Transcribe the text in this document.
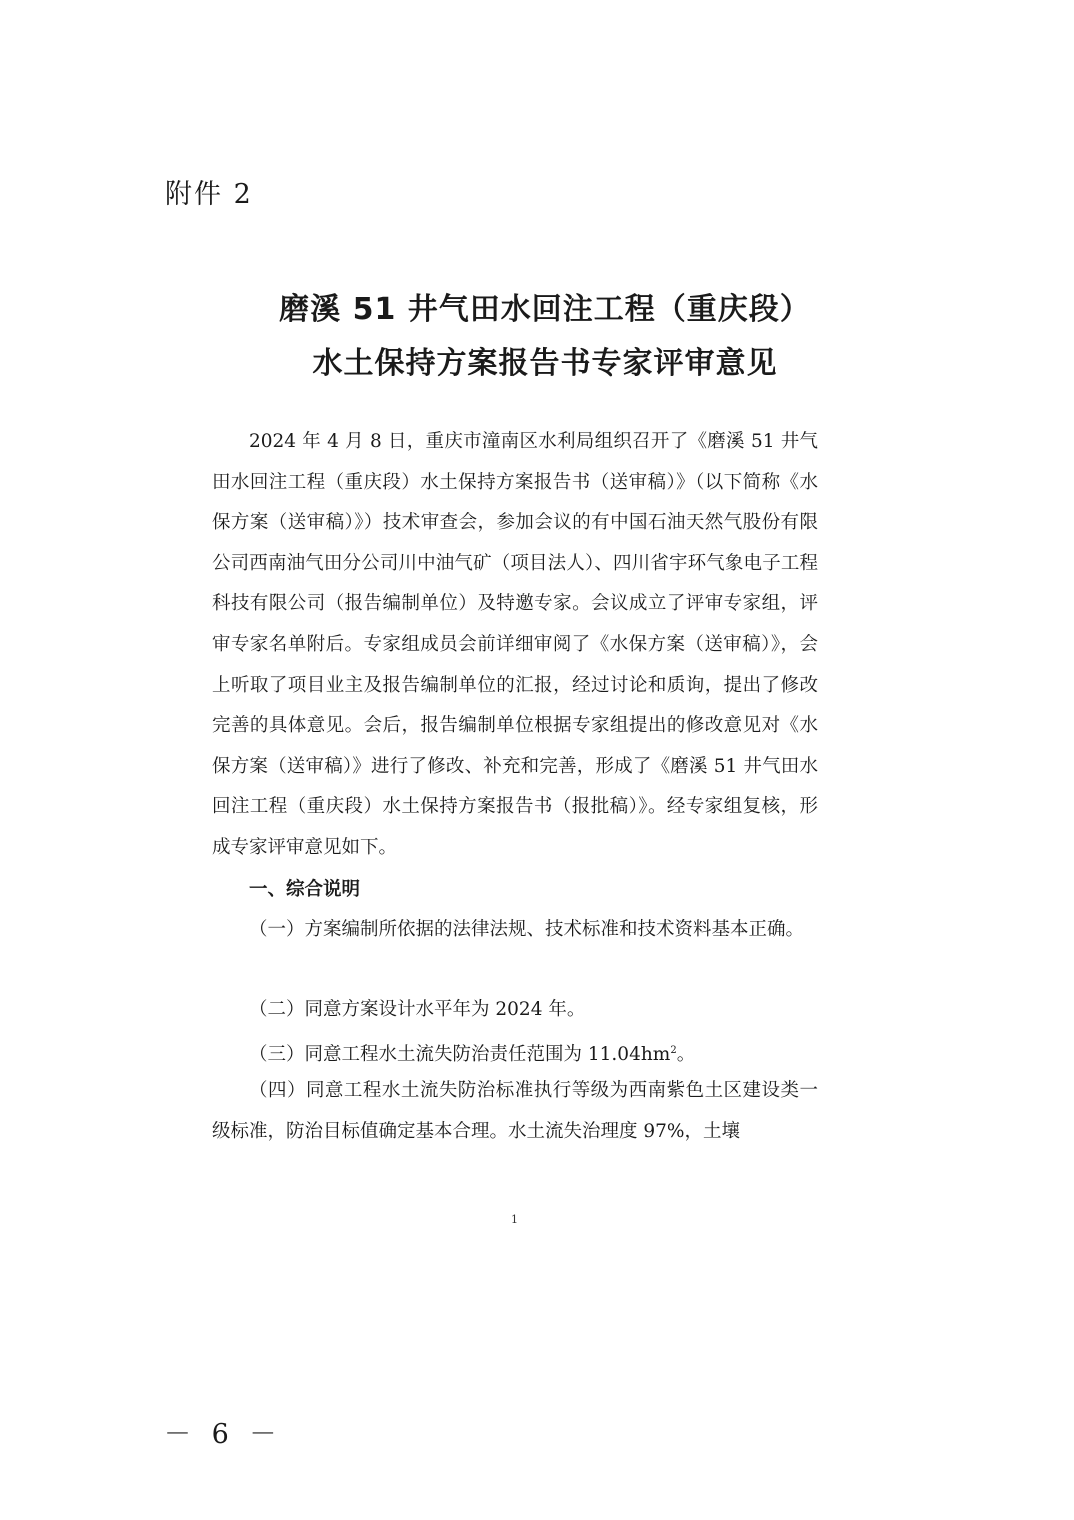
附件 2
磨溪 51 井气田水回注工程（重庆段）
水土保持方案报告书专家评审意见

2024 年 4 月 8 日，重庆市潼南区水利局组织召开了《磨溪 51 井气田水回注工程（重庆段）水土保持方案报告书（送审稿）》（以下简称《水保方案（送审稿）》）技术审查会，参加会议的有中国石油天然气股份有限公司西南油气田分公司川中油气矿（项目法人）、四川省宇环气象电子工程科技有限公司（报告编制单位）及特邀专家。会议成立了评审专家组，评审专家名单附后。专家组成员会前详细审阅了《水保方案（送审稿）》，会上听取了项目业主及报告编制单位的汇报，经过讨论和质询，提出了修改完善的具体意见。会后，报告编制单位根据专家组提出的修改意见对《水保方案（送审稿）》进行了修改、补充和完善，形成了《磨溪 51 井气田水回注工程（重庆段）水土保持方案报告书（报批稿）》。经专家组复核，形成专家评审意见如下。

一、综合说明

（一）方案编制所依据的法律法规、技术标准和技术资料基本正确。

（二）同意方案设计水平年为 2024 年。

（三）同意工程水土流失防治责任范围为 $11.04hm^2$。

（四）同意工程水土流失防治标准执行等级为西南紫色土区建设类一级标准，防治目标值确定基本合理。水土流失治理度 97%，土壤

1
－ 6 －
